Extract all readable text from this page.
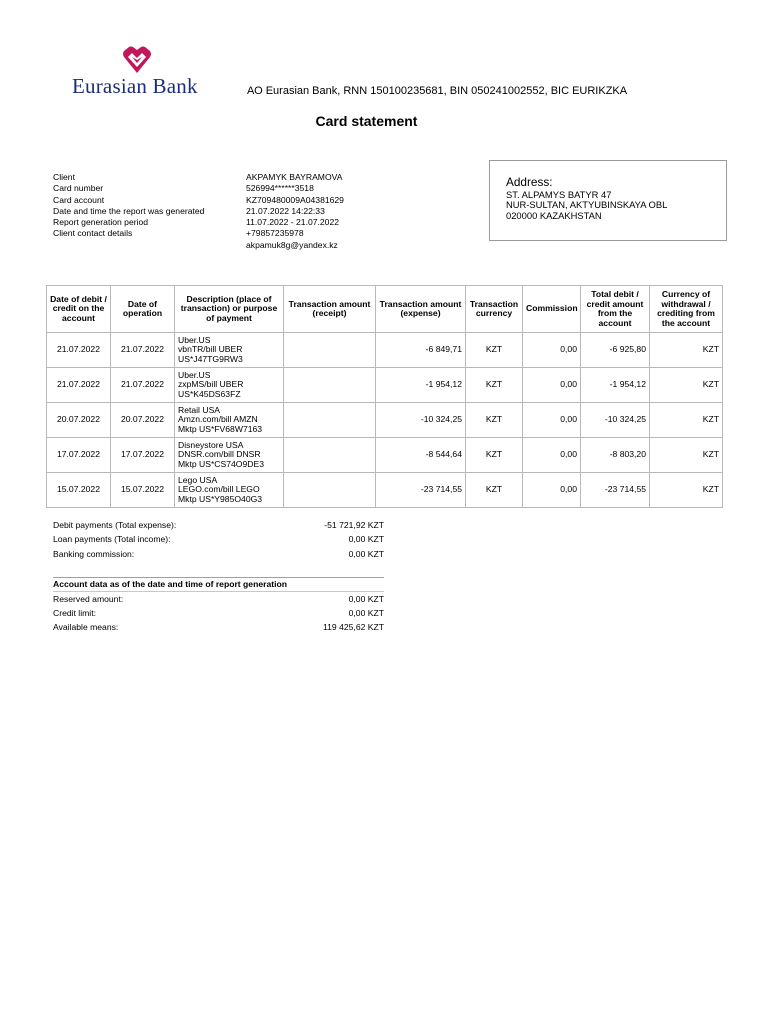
Eurasian Bank	АО Eurasian Bank, RNN 150100235681, BIN 050241002552, BIC EURIKZKA
Card statement
Client	AKPAMYK BAYRAMOVA
Card number	526994******3518
Card account	KZ709480009A04381629
Date and time the report was generated	21.07.2022 14:22:33
Report generation period	11.07.2022 - 21.07.2022
Client contact details	+79857235978
akpamuk8g@yandex.kz
Address:
ST. ALPAMYS BATYR 47
NUR-SULTAN, AKTYUBINSKAYA OBL
020000 KAZAKHSTAN
Date of debit / credit on the account	Date of operation	Description (place of transaction) or purpose of payment	Transaction amount (receipt)	Transaction amount (expense)	Transaction currency	Commission	Total debit / credit amount from the account	Currency of withdrawal / crediting from the account
21.07.2022	21.07.2022	Uber.US
vbnTR/bill UBER
US*J47TG9RW3		-6 849,71	KZT	0,00	-6 925,80	KZT
21.07.2022	21.07.2022	Uber.US
zxpMS/bill UBER
US*K45DS63FZ		-1 954,12	KZT	0,00	-1 954,12	KZT
20.07.2022	20.07.2022	Retail USA
Amzn.com/bill AMZN
Mktp US*FV68W7163		-10 324,25	KZT	0,00	-10 324,25	KZT
17.07.2022	17.07.2022	Disneystore USA
DNSR.com/bill DNSR
Mktp US*CS74O9DE3		-8 544,64	KZT	0,00	-8 803,20	KZT
15.07.2022	15.07.2022	Lego USA
LEGO.com/bill LEGO
Mktp US*Y985O40G3		-23 714,55	KZT	0,00	-23 714,55	KZT
Debit payments (Total expense):	-51 721,92 KZT
Loan payments (Total income):	0,00 KZT
Banking commission:	0,00 KZT
Account data as of the date and time of report generation
Reserved amount:	0,00 KZT
Credit limit:	0,00 KZT
Available means:	119 425,62 KZT
